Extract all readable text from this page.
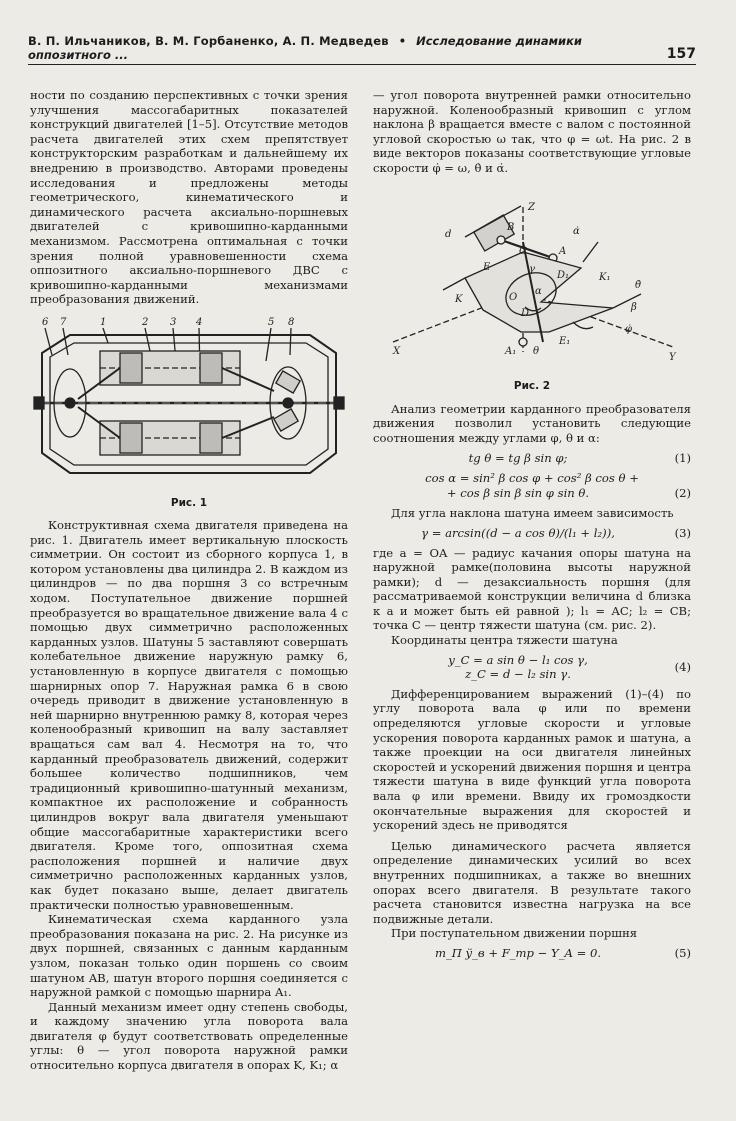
В. П. Ильчаников, В. М. Горбаненко, А. П. Медведев • Исследование динамики оппозитного ...	157

ности по созданию перспективных с точки зрения улучшения массогабаритных показателей конструкций двигателей [1–5]. Отсутствие методов расчета двигателей этих схем препятствует конструкторским разработкам и дальнейшему их внедрению в производство. Авторами проведены исследования и предложены методы геометрического, кинематического и динамического расчета аксиально-поршневых двигателей с кривошипно-карданными механизмом. Рассмотрена оптимальная с точки зрения полной уравновешенности схема оппозитного аксиально-поршневого ДВС с кривошипно-карданными механизмами преобразования движений.

6 7	1	2 3 4	5 8
Рис. 1

Конструктивная схема двигателя приведена на рис. 1. Двигатель имеет вертикальную плоскость симметрии. Он состоит из сборного корпуса 1, в котором установлены два цилиндра 2. В каждом из цилиндров — по два поршня 3 со встречным ходом. Поступательное движение поршней преобразуется во вращательное движение вала 4 с помощью двух симметрично расположенных карданных узлов. Шатуны 5 заставляют совершать колебательное движение наружную рамку 6, установленную в корпусе двигателя с помощью шарнирных опор 7. Наружная рамка 6 в свою очередь приводит в движение установленную в ней шарнирно внутреннюю рамку 8, которая через коленообразный кривошип на валу заставляет вращаться сам вал 4. Несмотря на то, что карданный преобразователь движений, содержит большее количество подшипников, чем традиционный кривошипно-шатунный механизм, компактное их расположение и собранность цилиндров вокруг вала двигателя уменьшают общие массогабаритные характеристики всего двигателя. Кроме того, оппозитная схема расположения поршней и наличие двух симметрично расположенных карданных узлов, как будет показано выше, делает двигатель практически полностью уравновешенным.

Кинематическая схема карданного узла преобразования показана на рис. 2. На рисунке из двух поршней, связанных с данным карданным узлом, показан только один поршень со своим шатуном AB, шатун второго поршня соединяется с наружной рамкой с помощью шарнира A₁.

Данный механизм имеет одну степень свободы, и каждому значению угла поворота вала двигателя φ будут соответствовать определенные углы: θ — угол поворота наружной рамки относительно корпуса двигателя в опорах K, K₁; α

— угол поворота внутренней рамки относительно наружной. Коленообразный кривошип с углом наклона β вращается вместе с валом с постоянной угловой скоростью ω так, что φ = ωt. На рис. 2 в виде векторов показаны соответствующие угловые скорости φ̇ = ω, θ̇ и α̇.

Z
B
C	A
D₁	K₁
O
E
K
A₁
E₁
D
X
Y
d
γ
α̇
θ̇
β
φ̇
θ
α
Рис. 2

Анализ геометрии карданного преобразователя движения позволил установить следующие соотношения между углами φ, θ и α:

tg θ = tg β sin φ;	(1)
cos α = sin² β cos φ + cos² β cos θ +
+ cos β sin β sin φ sin θ.	(2)

Для угла наклона шатуна имеем зависимость

γ = arcsin((d − a cos θ)/(l₁ + l₂)),	(3)

где a = OA — радиус качания опоры шатуна на наружной рамке(половина высоты наружной рамки); d — дезаксиальность поршня (для рассматриваемой конструкции величина d близка к a и может быть ей равной ); l₁ = AC; l₂ = CB; точка C — центр тяжести шатуна (см. рис. 2).

Координаты центра тяжести шатуна

y_C = a sin θ − l₁ cos γ,
z_C = d − l₂ sin γ.
(4)

Дифференцированием выражений (1)–(4) по углу поворота вала φ или по времени определяются угловые скорости и угловые ускорения поворота карданных рамок и шатуна, а также проекции на оси двигателя линейных скоростей и ускорений движения поршня и центра тяжести шатуна в виде функций угла поворота вала φ или времени. Ввиду их громоздкости окончательные выражения для скоростей и ускорений здесь не приводятся

Целью динамического расчета является определение динамических усилий во всех внутренних подшипниках, а также во внешних опорах всего двигателя. В результате такого расчета становится известна нагрузка на все подвижные детали.

При поступательном движении поршня

m_П ÿ_в + F_тр − Y_A = 0.	(5)
